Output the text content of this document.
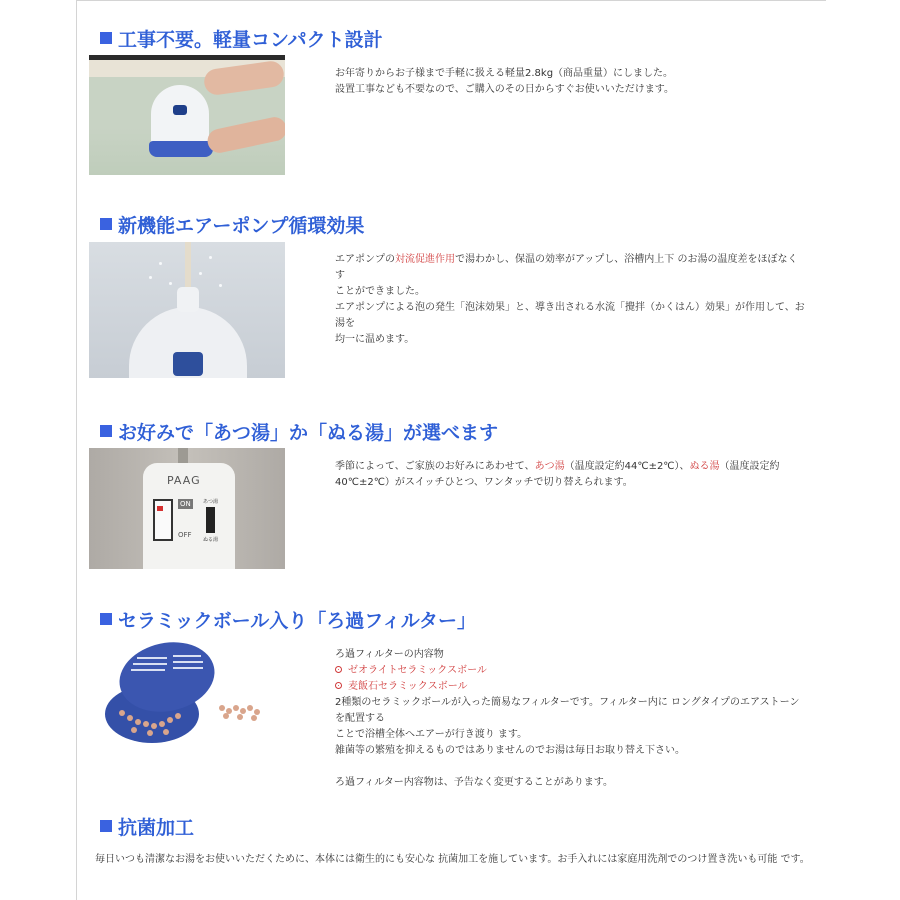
工事不要。軽量コンパクト設計
お年寄りからお子様まで手軽に扱える軽量2.8kg（商品重量）にしました。
設置工事なども不要なので、ご購入のその日からすぐお使いいただけます。
新機能エアーポンプ循環効果
エアポンプの対流促進作用で湯わかし、保温の効率がアップし、浴槽内上下 のお湯の温度差をほぼなくす
ことができました。
エアポンプによる泡の発生「泡沫効果」と、導き出される水流「攪拌（かくはん）効果」が作用して、お湯を
均一に温めます。
お好みで「あつ湯」か「ぬる湯」が選べます
PAAG
ON
OFF
あつ湯
ぬる湯
季節によって、ご家族のお好みにあわせて、あつ湯（温度設定約44℃±2℃）、ぬる湯（温度設定約
40℃±2℃）がスイッチひとつ、ワンタッチで切り替えられます。
セラミックボール入り「ろ過フィルター」
ろ過フィルターの内容物
ゼオライトセラミックスボール
麦飯石セラミックスボール
2種類のセラミックボールが入った簡易なフィルターです。フィルター内に ロングタイプのエアストーンを配置する
ことで浴槽全体へエアーが行き渡り ます。
雑菌等の繁殖を抑えるものではありませんのでお湯は毎日お取り替え下さい。
ろ過フィルター内容物は、予告なく変更することがあります。
抗菌加工
毎日いつも清潔なお湯をお使いいただくために、本体には衛生的にも安心な 抗菌加工を施しています。お手入れには家庭用洗剤でのつけ置き洗いも可能 です。
